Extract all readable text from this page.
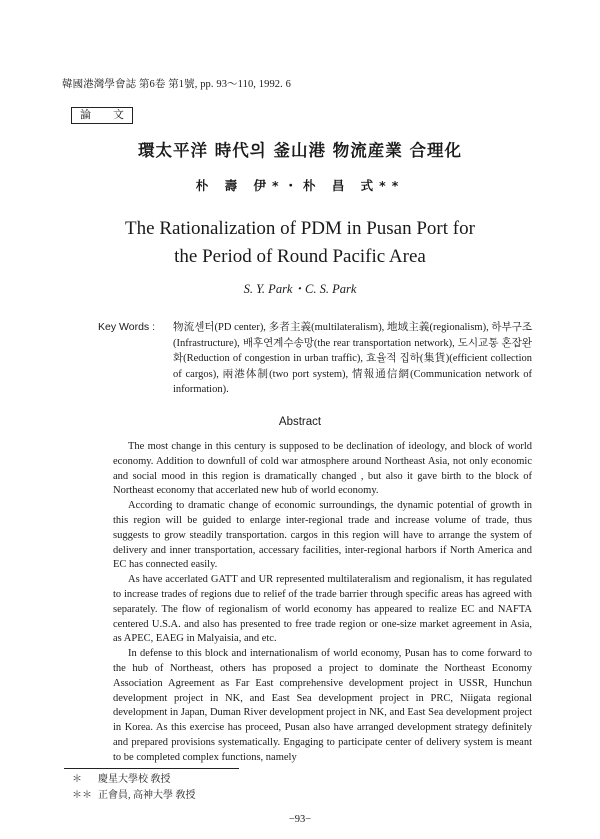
韓國港灣學會誌 第6卷 第1號, pp. 93～110, 1992. 6
論 文
環太平洋 時代의 釜山港 物流産業 合理化
朴 壽 伊*・朴 昌 式**
The Rationalization of PDM in Pusan Port for
the Period of Round Pacific Area
S. Y. Park・C. S. Park
Key Words :	物流센터(PD center), 多者主義(multilateralism), 地域主義(regionalism), 하부구조(Infrastructure), 배후연계수송망(the rear transportation network), 도시교통 혼잡완화(Reduction of congestion in urban traffic), 효율적 집하(集貨)(efficient collection of cargos), 兩港体制(two port system), 情報通信網(Communication network of information).
Abstract

The most change in this century is supposed to be declination of ideology, and block of world economy. Addition to downfull of cold war atmosphere around Northeast Asia, not only economic and social mood in this region is dramatically changed , but also it gave birth to the block of Northeast economy that accerlated new hub of world economy.

According to dramatic change of economic surroundings, the dynamic potential of growth in this region will be guided to enlarge inter-regional trade and increase volume of trade, thus suggests to grow steadily transportation. cargos in this region will have to arrange the system of delivery and inner transportation, accessary facilities, inter-regional harbors if North America and EC has connected easily.

As have accerlated GATT and UR represented multilateralism and regionalism, it has regulated to increase trades of regions due to relief of the trade barrier through specific areas has agreed with separately. The flow of regionalism of world economy has appeared to realize EC and NAFTA centered U.S.A. and also has presented to free trade region or one-size market agreement in Asia, as APEC, EAEG in Malyaisia, and etc.

In defense to this block and internationalism of world economy, Pusan has to come forward to the hub of Northeast, others has proposed a project to dominate the Northeast Economy Association Agreement as Far East comprehensive development project in USSR, Hunchun development project in NK, and East Sea development project in PRC, Niigata regional development in Japan, Duman River development project in NK, and East Sea development project in Korea. As this exercise has proceed, Pusan also have arranged development strategy definitely and prepared provisions systematically. Engaging to participate center of delivery system is meant to be completed complex functions, namely

＊ 慶星大學校 敎授
＊＊ 正會員, 高神大學 敎授
−93−
